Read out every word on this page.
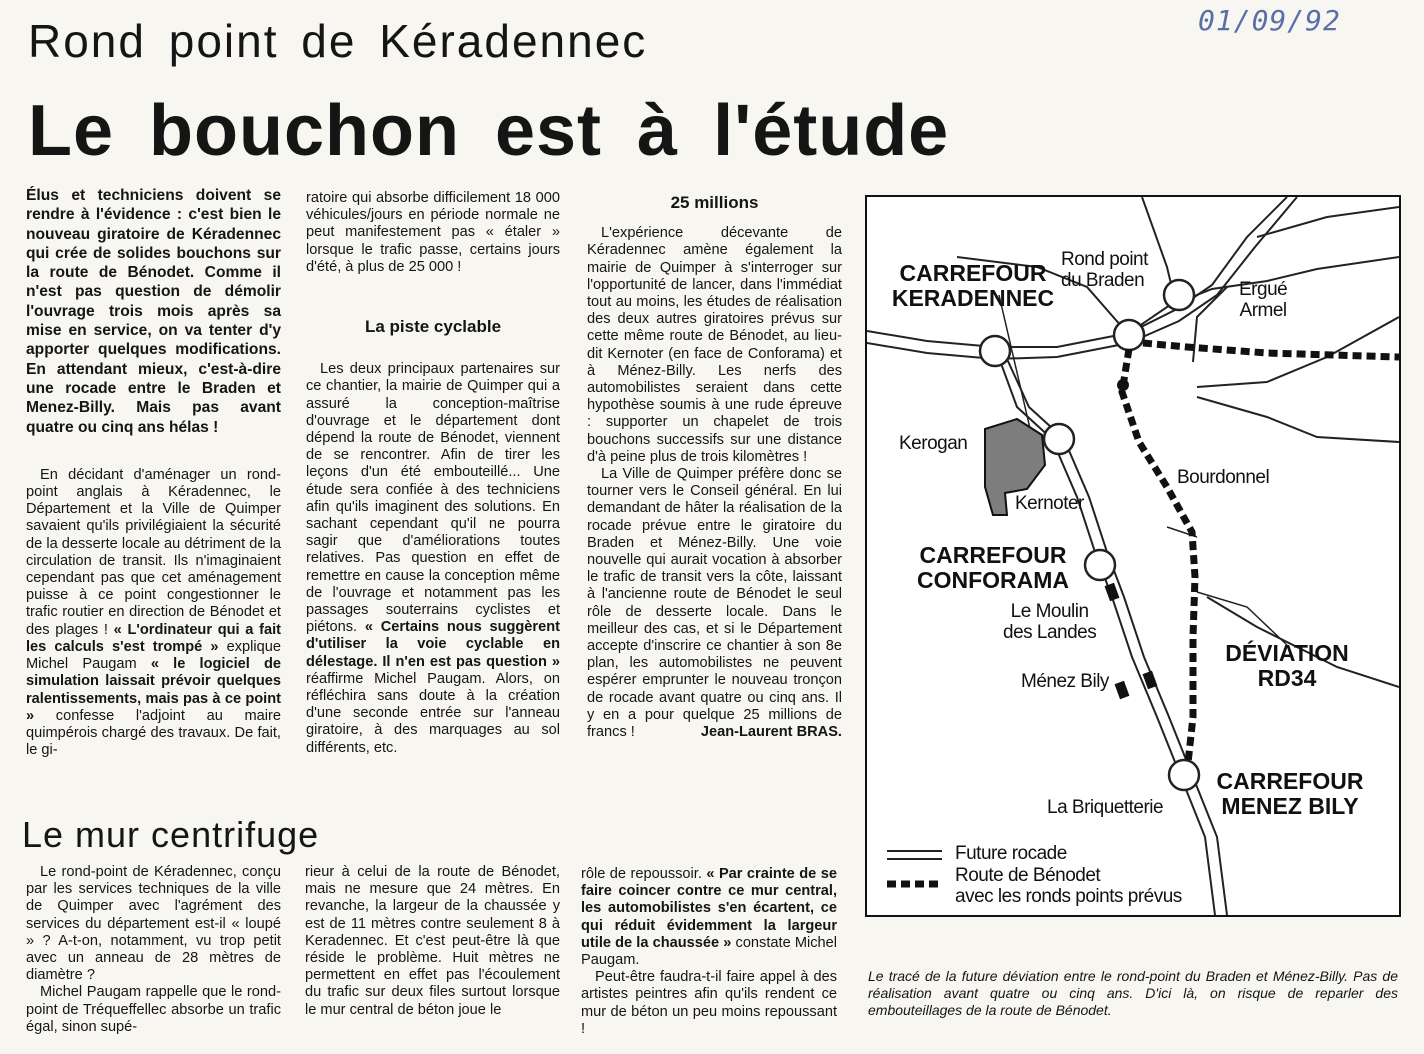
01/09/92
Rond point de Kéradennec
Le bouchon est à l'étude
Élus et techniciens doivent se rendre à l'évidence : c'est bien le nouveau giratoire de Kéradennec qui crée de solides bouchons sur la route de Bénodet. Comme il n'est pas question de démolir l'ouvrage trois mois après sa mise en service, on va tenter d'y apporter quelques modifications. En attendant mieux, c'est-à-dire une rocade entre le Braden et Menez-Billy. Mais pas avant quatre ou cinq ans hélas !

En décidant d'aménager un rond-point anglais à Kéradennec, le Département et la Ville de Quimper savaient qu'ils privilégiaient la sécurité de la desserte locale au détriment de la circulation de transit. Ils n'imaginaient cependant pas que cet aménagement puisse à ce point congestionner le trafic routier en direction de Bénodet et des plages ! « L'ordinateur qui a fait les calculs s'est trompé » explique Michel Paugam « le logiciel de simulation laissait prévoir quelques ralentissements, mais pas à ce point » confesse l'adjoint au maire quimpérois chargé des travaux. De fait, le gi-

ratoire qui absorbe difficilement 18 000 véhicules/jours en période normale ne peut manifestement pas « étaler » lorsque le trafic passe, certains jours d'été, à plus de 25 000 !

La piste cyclable

Les deux principaux partenaires sur ce chantier, la mairie de Quimper qui a assuré la conception-maîtrise d'ouvrage et le département dont dépend la route de Bénodet, viennent de se rencontrer. Afin de tirer les leçons d'un été embouteillé... Une étude sera confiée à des techniciens afin qu'ils imaginent des solutions. En sachant cependant qu'il ne pourra sagir que d'améliorations toutes relatives. Pas question en effet de remettre en cause la conception même de l'ouvrage et notamment pas les passages souterrains cyclistes et piétons. « Certains nous suggèrent d'utiliser la voie cyclable en délestage. Il n'en est pas question » réaffirme Michel Paugam. Alors, on réfléchira sans doute à la création d'une seconde entrée sur l'anneau giratoire, à des marquages au sol différents, etc.

25 millions

L'expérience décevante de Kéradennec amène également la mairie de Quimper à s'interroger sur l'opportunité de lancer, dans l'immédiat tout au moins, les études de réalisation des deux autres giratoires prévus sur cette même route de Bénodet, au lieu-dit Kernoter (en face de Conforama) et à Ménez-Billy. Les nerfs des automobilistes seraient dans cette hypothèse soumis à une rude épreuve : supporter un chapelet de trois bouchons successifs sur une distance d'à peine plus de trois kilomètres !

La Ville de Quimper préfère donc se tourner vers le Conseil général. En lui demandant de hâter la réalisation de la rocade prévue entre le giratoire du Braden et Ménez-Billy. Une voie nouvelle qui aurait vocation à absorber le trafic de transit vers la côte, laissant à l'ancienne route de Bénodet le seul rôle de desserte locale. Dans le meilleur des cas, et si le Département accepte d'inscrire ce chantier à son 8e plan, les automobilistes ne peuvent espérer emprunter le nouveau tronçon de rocade avant quatre ou cinq ans. Il y en a pour quelque 25 millions de francs !	Jean-Laurent BRAS.
Le mur centrifuge

Le rond-point de Kéradennec, conçu par les services techniques de la ville de Quimper avec l'agrément des services du département est-il « loupé » ? A-t-on, notamment, vu trop petit avec un anneau de 28 mètres de diamètre ?

Michel Paugam rappelle que le rond-point de Tréqueffellec absorbe un trafic égal, sinon supé-

rieur à celui de la route de Bénodet, mais ne mesure que 24 mètres. En revanche, la largeur de la chaussée y est de 11 mètres contre seulement 8 à Keradennec. Et c'est peut-être là que réside le problème. Huit mètres ne permettent en effet pas l'écoulement du trafic sur deux files surtout lorsque le mur central de béton joue le

rôle de repoussoir. « Par crainte de se faire coincer contre ce mur central, les automobilistes s'en écartent, ce qui réduit évidemment la largeur utile de la chaussée » constate Michel Paugam.

Peut-être faudra-t-il faire appel à des artistes peintres afin qu'ils rendent ce mur de béton un peu moins repoussant !

CARREFOUR
KERADENNEC
Rond point
du Braden	Ergué
Armel
Kerogan
Kernoter
Bourdonnel
CARREFOUR
CONFORAMA
Le Moulin
des Landes
DÉVIATION
RD34
Ménez Bily
CARREFOUR
MENEZ BILY
La Briquetterie
Future rocade
Route de Bénodet
avec les ronds points prévus
Le tracé de la future déviation entre le rond-point du Braden et Ménez-Billy. Pas de réalisation avant quatre ou cinq ans. D'ici là, on risque de reparler des embouteillages de la route de Bénodet.
